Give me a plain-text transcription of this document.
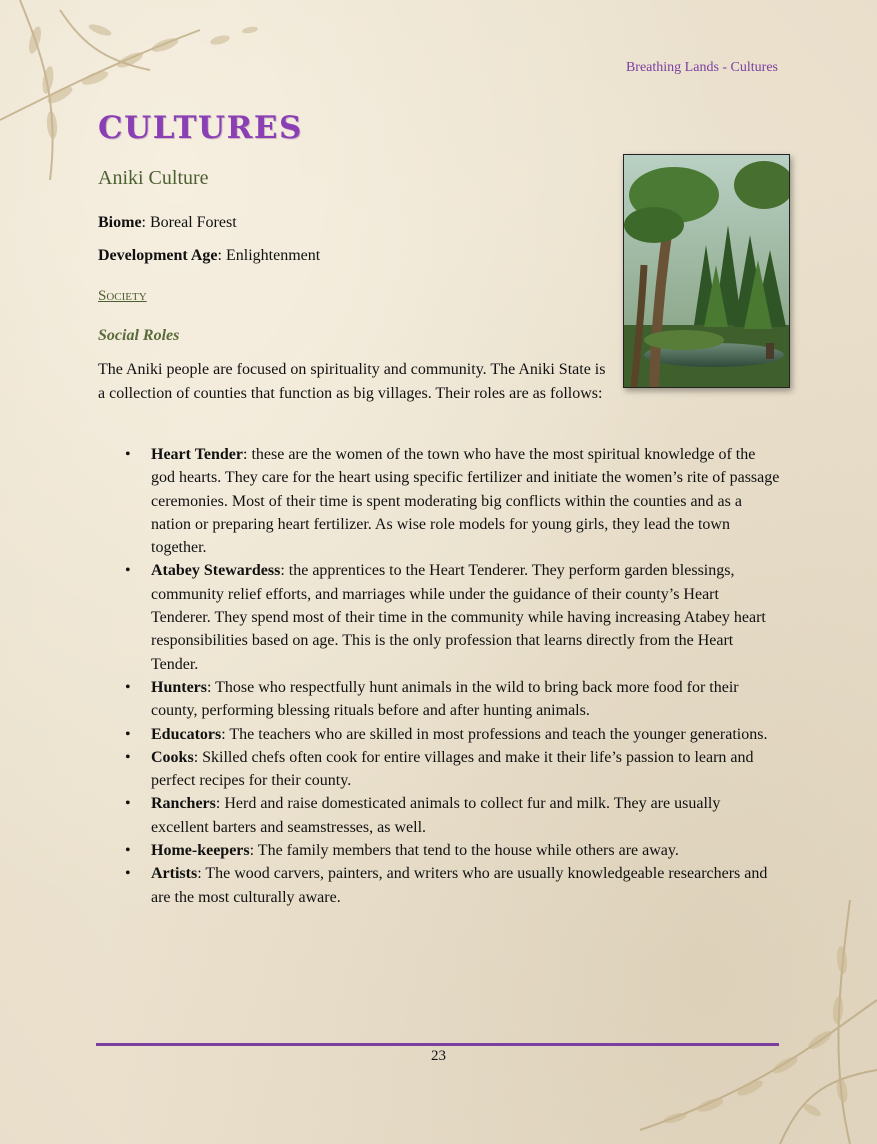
Breathing Lands - Cultures
CULTURES
Aniki Culture
Biome: Boreal Forest
Development Age: Enlightenment
Society
Social Roles

The Aniki people are focused on spirituality and community. The Aniki State is a collection of counties that function as big villages. Their roles are as follows:

• Heart Tender: these are the women of the town who have the most spiritual knowledge of the god hearts. They care for the heart using specific fertilizer and initiate the women’s rite of passage ceremonies. Most of their time is spent moderating big conflicts within the counties and as a nation or preparing heart fertilizer. As wise role models for young girls, they lead the town together.
• Atabey Stewardess: the apprentices to the Heart Tenderer. They perform garden blessings, community relief efforts, and marriages while under the guidance of their county’s Heart Tenderer. They spend most of their time in the community while having increasing Atabey heart responsibilities based on age. This is the only profession that learns directly from the Heart Tender.
• Hunters: Those who respectfully hunt animals in the wild to bring back more food for their county, performing blessing rituals before and after hunting animals.
• Educators: The teachers who are skilled in most professions and teach the younger generations.
• Cooks: Skilled chefs often cook for entire villages and make it their life’s passion to learn and perfect recipes for their county.
• Ranchers: Herd and raise domesticated animals to collect fur and milk. They are usually excellent barters and seamstresses, as well.
• Home-keepers: The family members that tend to the house while others are away.
• Artists: The wood carvers, painters, and writers who are usually knowledgeable researchers and are the most culturally aware.
23
